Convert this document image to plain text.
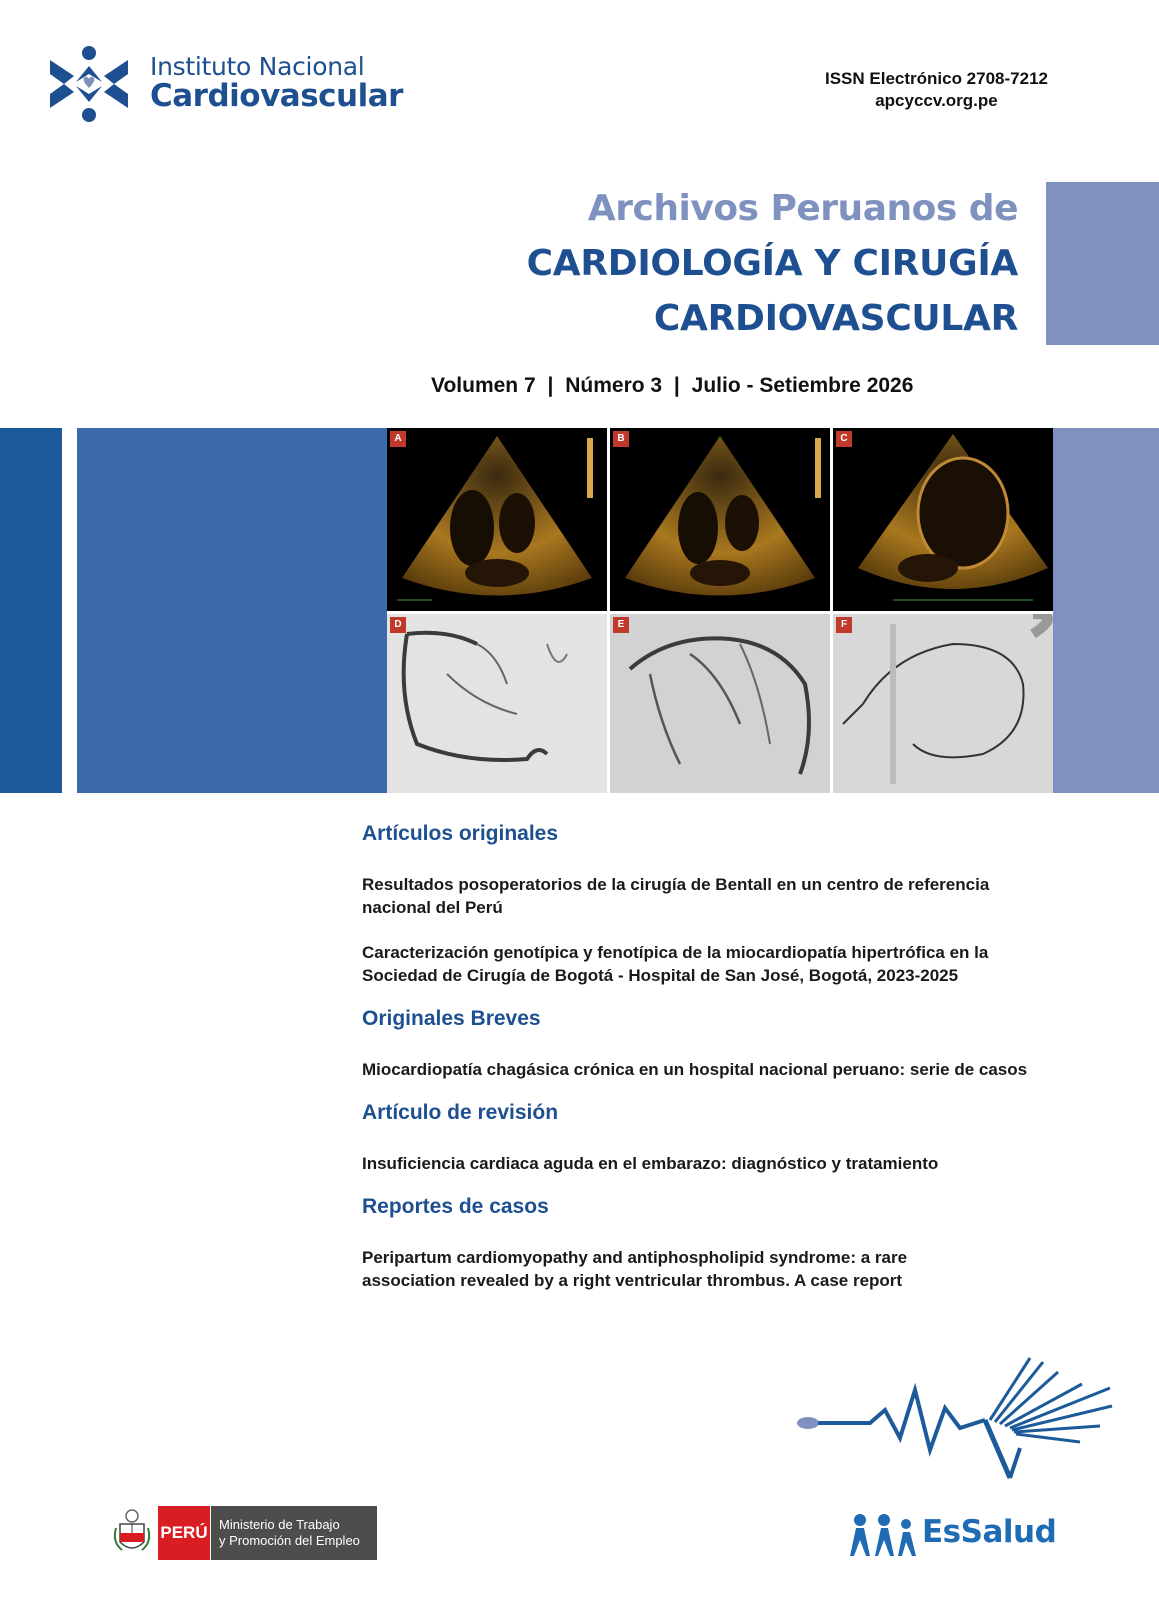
Instituto Nacional
Cardiovascular	ISSN Electrónico 2708-7212
apcyccv.org.pe
Archivos Peruanos de
CARDIOLOGÍA Y CIRUGÍA
CARDIOVASCULAR
Volumen 7 | Número 3 | Julio - Setiembre 2026
A	B	C
D	E	F
Artículos originales
Resultados posoperatorios de la cirugía de Bentall en un centro de referencia nacional del Perú
Caracterización genotípica y fenotípica de la miocardiopatía hipertrófica en la Sociedad de Cirugía de Bogotá - Hospital de San José, Bogotá, 2023-2025
Originales Breves
Miocardiopatía chagásica crónica en un hospital nacional peruano: serie de casos
Artículo de revisión
Insuficiencia cardiaca aguda en el embarazo: diagnóstico y tratamiento
Reportes de casos
Peripartum cardiomyopathy and antiphospholipid syndrome: a rare association revealed by a right ventricular thrombus. A case report
PERÚ Ministerio de Trabajo
y Promoción del Empleo	EsSalud
